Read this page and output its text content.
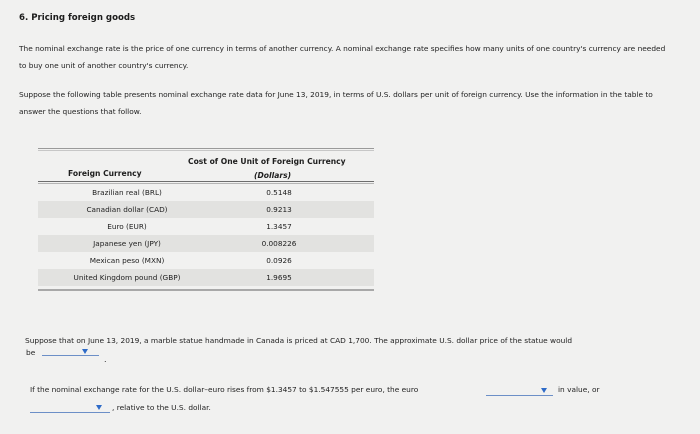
6. Pricing foreign goods
The nominal exchange rate is the price of one currency in terms of another currency. A nominal exchange rate specifies how many units of one country's currency are needed to buy one unit of another country's currency.
Suppose the following table presents nominal exchange rate data for June 13, 2019, in terms of U.S. dollars per unit of foreign currency. Use the information in the table to answer the questions that follow.
Foreign Currency
Cost of One Unit of Foreign Currency
(Dollars)
Brazilian real (BRL)	0.5148
Canadian dollar (CAD)	0.9213
Euro (EUR)	1.3457
Japanese yen (JPY)	0.008226
Mexican peso (MXN)	0.0926
United Kingdom pound (GBP)	1.9695
Suppose that on June 13, 2019, a marble statue handmade in Canada is priced at CAD 1,700. The approximate U.S. dollar price of the statue would
be
.
If the nominal exchange rate for the U.S. dollar–euro rises from $1.3457 to $1.547555 per euro, the euro	in value, or
, relative to the U.S. dollar.
